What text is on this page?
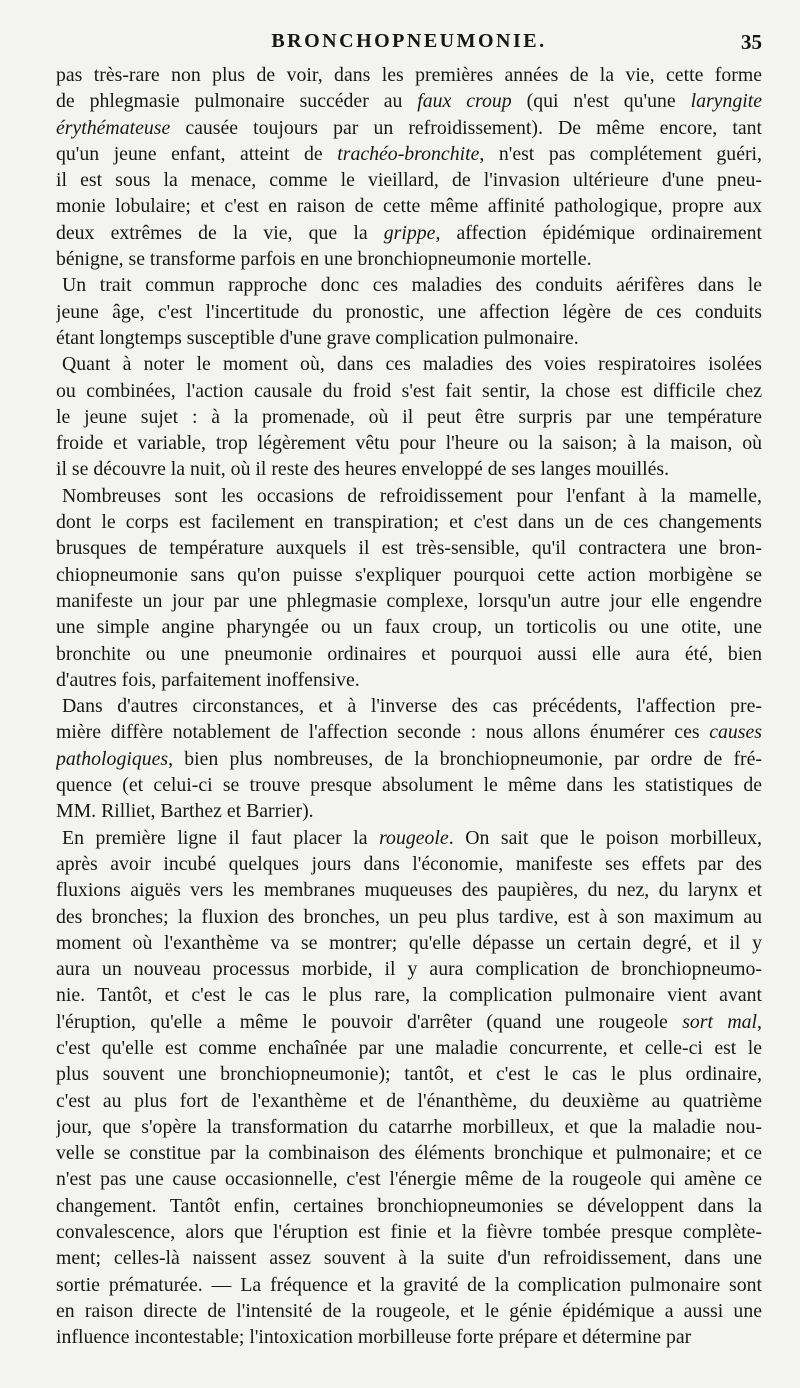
BRONCHOPNEUMONIE.	35
pas très-rare non plus de voir, dans les premières années de la vie, cette forme
de phlegmasie pulmonaire succéder au faux croup (qui n'est qu'une laryngite
érythémateuse causée toujours par un refroidissement). De même encore, tant
qu'un jeune enfant, atteint de trachéo-bronchite, n'est pas complétement guéri,
il est sous la menace, comme le vieillard, de l'invasion ultérieure d'une pneu-
monie lobulaire; et c'est en raison de cette même affinité pathologique, propre aux
deux extrêmes de la vie, que la grippe, affection épidémique ordinairement
bénigne, se transforme parfois en une bronchiopneumonie mortelle.
Un trait commun rapproche donc ces maladies des conduits aérifères dans le
jeune âge, c'est l'incertitude du pronostic, une affection légère de ces conduits
étant longtemps susceptible d'une grave complication pulmonaire.
Quant à noter le moment où, dans ces maladies des voies respiratoires isolées
ou combinées, l'action causale du froid s'est fait sentir, la chose est difficile chez
le jeune sujet : à la promenade, où il peut être surpris par une température
froide et variable, trop légèrement vêtu pour l'heure ou la saison; à la maison, où
il se découvre la nuit, où il reste des heures enveloppé de ses langes mouillés.
Nombreuses sont les occasions de refroidissement pour l'enfant à la mamelle,
dont le corps est facilement en transpiration; et c'est dans un de ces changements
brusques de température auxquels il est très-sensible, qu'il contractera une bron-
chiopneumonie sans qu'on puisse s'expliquer pourquoi cette action morbigène se
manifeste un jour par une phlegmasie complexe, lorsqu'un autre jour elle engendre
une simple angine pharyngée ou un faux croup, un torticolis ou une otite, une
bronchite ou une pneumonie ordinaires et pourquoi aussi elle aura été, bien
d'autres fois, parfaitement inoffensive.
Dans d'autres circonstances, et à l'inverse des cas précédents, l'affection pre-
mière diffère notablement de l'affection seconde : nous allons énumérer ces causes
pathologiques, bien plus nombreuses, de la bronchiopneumonie, par ordre de fré-
quence (et celui-ci se trouve presque absolument le même dans les statistiques de
MM. Rilliet, Barthez et Barrier).
En première ligne il faut placer la rougeole. On sait que le poison morbilleux,
après avoir incubé quelques jours dans l'économie, manifeste ses effets par des
fluxions aiguës vers les membranes muqueuses des paupières, du nez, du larynx et
des bronches; la fluxion des bronches, un peu plus tardive, est à son maximum au
moment où l'exanthème va se montrer; qu'elle dépasse un certain degré, et il y
aura un nouveau processus morbide, il y aura complication de bronchiopneumo-
nie. Tantôt, et c'est le cas le plus rare, la complication pulmonaire vient avant
l'éruption, qu'elle a même le pouvoir d'arrêter (quand une rougeole sort mal,
c'est qu'elle est comme enchaînée par une maladie concurrente, et celle-ci est le
plus souvent une bronchiopneumonie); tantôt, et c'est le cas le plus ordinaire,
c'est au plus fort de l'exanthème et de l'énanthème, du deuxième au quatrième
jour, que s'opère la transformation du catarrhe morbilleux, et que la maladie nou-
velle se constitue par la combinaison des éléments bronchique et pulmonaire; et ce
n'est pas une cause occasionnelle, c'est l'énergie même de la rougeole qui amène ce
changement. Tantôt enfin, certaines bronchiopneumonies se développent dans la
convalescence, alors que l'éruption est finie et la fièvre tombée presque complète-
ment; celles-là naissent assez souvent à la suite d'un refroidissement, dans une
sortie prématurée. — La fréquence et la gravité de la complication pulmonaire sont
en raison directe de l'intensité de la rougeole, et le génie épidémique a aussi une
influence incontestable; l'intoxication morbilleuse forte prépare et détermine par
